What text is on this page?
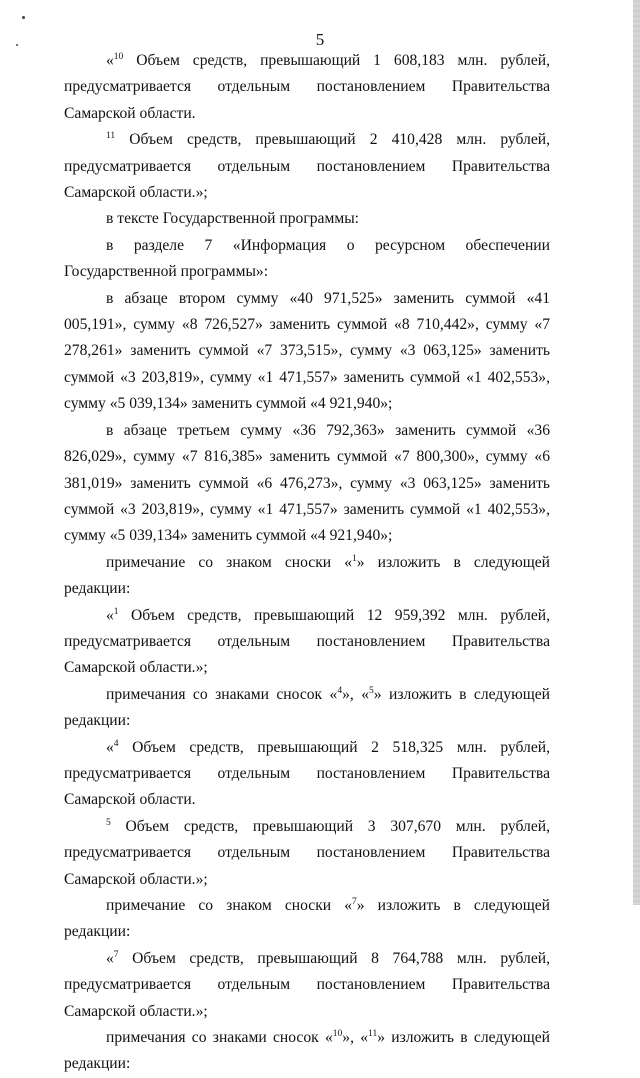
5

«$^{10}$ Объем средств, превышающий 1 608,183 млн. рублей, предусматривается отдельным постановлением Правительства Самарской области.

$^{11}$ Объем средств, превышающий 2 410,428 млн. рублей, предусматривается отдельным постановлением Правительства Самарской области.»;

в тексте Государственной программы:

в разделе 7 «Информация о ресурсном обеспечении Государственной программы»:

в абзаце втором сумму «40 971,525» заменить суммой «41 005,191», сумму «8 726,527» заменить суммой «8 710,442», сумму «7 278,261» заменить суммой «7 373,515», сумму «3 063,125» заменить суммой «3 203,819», сумму «1 471,557» заменить суммой «1 402,553», сумму «5 039,134» заменить суммой «4 921,940»;

в абзаце третьем сумму «36 792,363» заменить суммой «36 826,029», сумму «7 816,385» заменить суммой «7 800,300», сумму «6 381,019» заменить суммой «6 476,273», сумму «3 063,125» заменить суммой «3 203,819», сумму «1 471,557» заменить суммой «1 402,553», сумму «5 039,134» заменить суммой «4 921,940»;

примечание со знаком сноски «$^1$» изложить в следующей редакции:

«$^1$ Объем средств, превышающий 12 959,392 млн. рублей, предусматривается отдельным постановлением Правительства Самарской области.»;

примечания со знаками сносок «$^4$», «$^5$» изложить в следующей редакции:

«$^4$ Объем средств, превышающий 2 518,325 млн. рублей, предусматривается отдельным постановлением Правительства Самарской области.

$^5$ Объем средств, превышающий 3 307,670 млн. рублей, предусматривается отдельным постановлением Правительства Самарской области.»;

примечание со знаком сноски «$^7$» изложить в следующей редакции:

«$^7$ Объем средств, превышающий 8 764,788 млн. рублей, предусматривается отдельным постановлением Правительства Самарской области.»;

примечания со знаками сносок «$^{10}$», «$^{11}$» изложить в следующей редакции:
